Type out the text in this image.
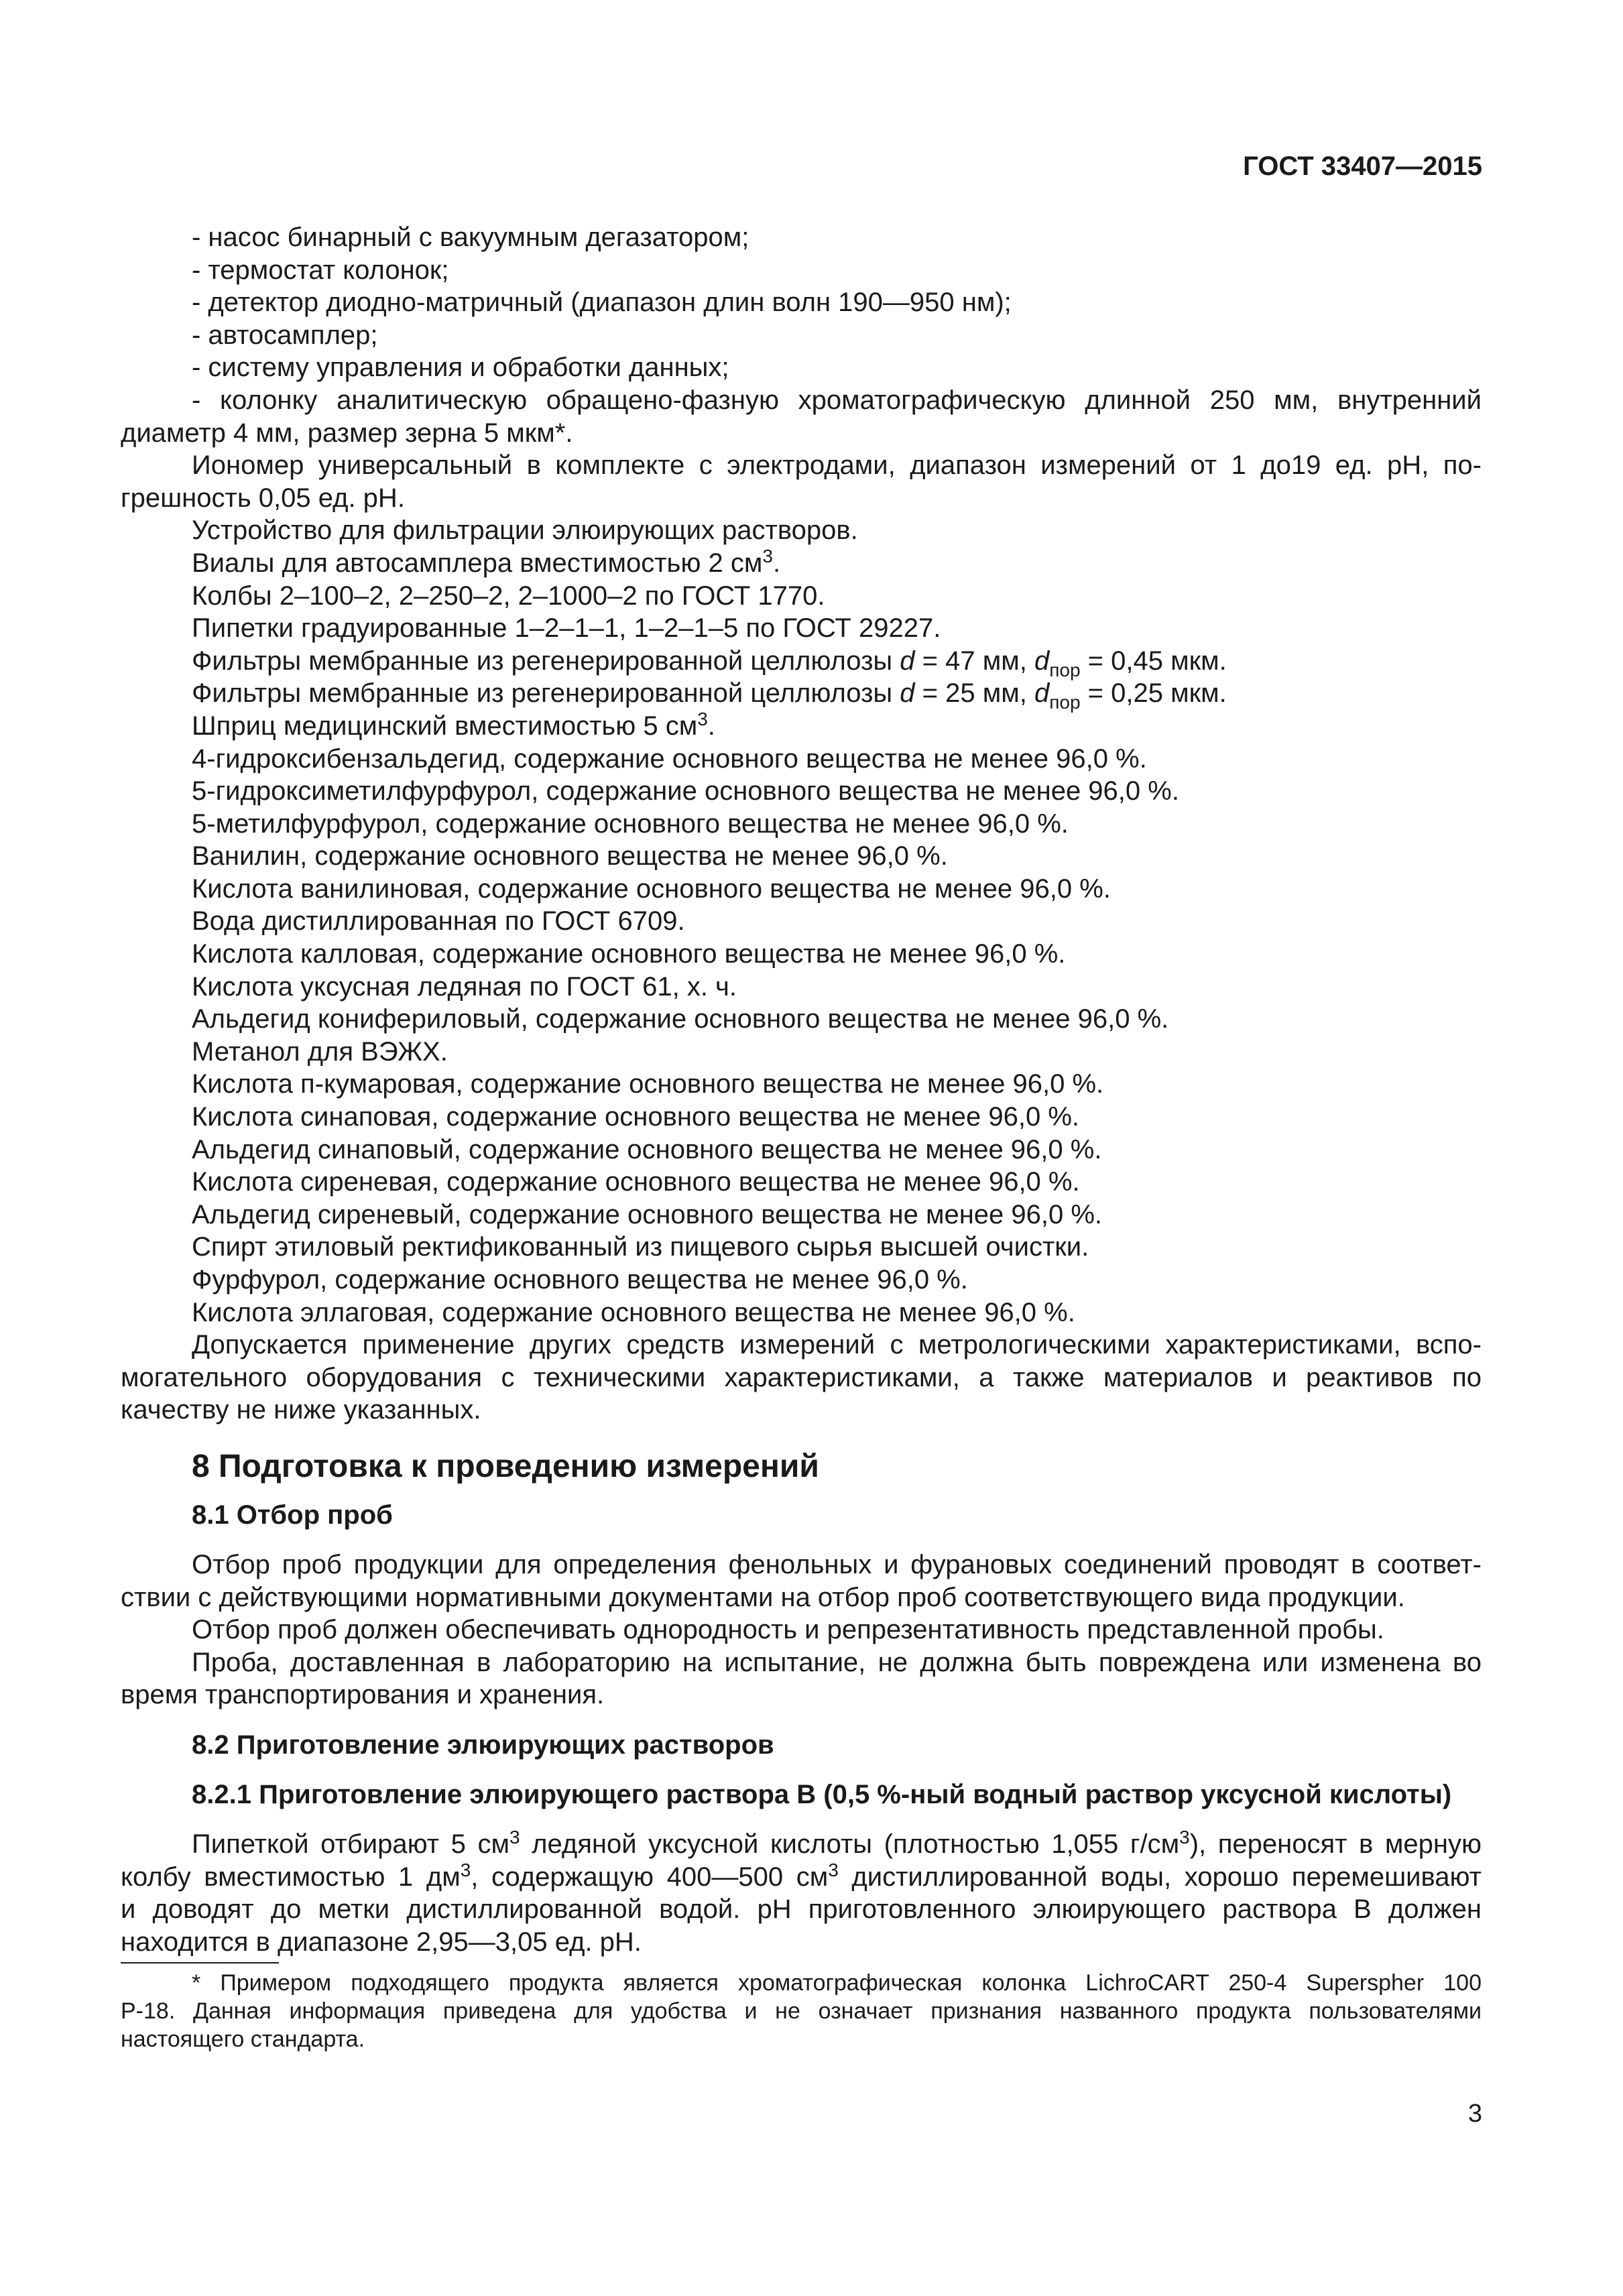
ГОСТ 33407—2015
- насос бинарный с вакуумным дегазатором;
- термостат колонок;
- детектор диодно-матричный (диапазон длин волн 190—950 нм);
- автосамплер;
- систему управления и обработки данных;
- колонку аналитическую обращено-фазную хроматографическую длинной 250 мм, внутренний
диаметр 4 мм, размер зерна 5 мкм*.
Иономер универсальный в комплекте с электродами, диапазон измерений от 1 до19 ед. pH, по-
грешность 0,05 ед. pH.
Устройство для фильтрации элюирующих растворов.
Виалы для автосамплера вместимостью 2 $см^3$.
Колбы 2–100–2, 2–250–2, 2–1000–2 по ГОСТ 1770.
Пипетки градуированные 1–2–1–1, 1–2–1–5 по ГОСТ 29227.
Фильтры мембранные из регенерированной целлюлозы d = 47 мм, $d_{пор} = 0,45$ мкм.
Фильтры мембранные из регенерированной целлюлозы d = 25 мм, $d_{пор} = 0,25$ мкм.
Шприц медицинский вместимостью 5 $см^3$.
4-гидроксибензальдегид, содержание основного вещества не менее 96,0 %.
5-гидроксиметилфурфурол, содержание основного вещества не менее 96,0 %.
5-метилфурфурол, содержание основного вещества не менее 96,0 %.
Ванилин, содержание основного вещества не менее 96,0 %.
Кислота ванилиновая, содержание основного вещества не менее 96,0 %.
Вода дистиллированная по ГОСТ 6709.
Кислота калловая, содержание основного вещества не менее 96,0 %.
Кислота уксусная ледяная по ГОСТ 61, х. ч.
Альдегид конифериловый, содержание основного вещества не менее 96,0 %.
Метанол для ВЭЖХ.
Кислота п-кумаровая, содержание основного вещества не менее 96,0 %.
Кислота синаповая, содержание основного вещества не менее 96,0 %.
Альдегид синаповый, содержание основного вещества не менее 96,0 %.
Кислота сиреневая, содержание основного вещества не менее 96,0 %.
Альдегид сиреневый, содержание основного вещества не менее 96,0 %.
Спирт этиловый ректификованный из пищевого сырья высшей очистки.
Фурфурол, содержание основного вещества не менее 96,0 %.
Кислота эллаговая, содержание основного вещества не менее 96,0 %.
Допускается применение других средств измерений с метрологическими характеристиками, вспо-
могательного оборудования с техническими характеристиками, а также материалов и реактивов по
качеству не ниже указанных.
8 Подготовка к проведению измерений
8.1 Отбор проб
Отбор проб продукции для определения фенольных и фурановых соединений проводят в соответ-
ствии с действующими нормативными документами на отбор проб соответствующего вида продукции.
Отбор проб должен обеспечивать однородность и репрезентативность представленной пробы.
Проба, доставленная в лабораторию на испытание, не должна быть повреждена или изменена во
время транспортирования и хранения.
8.2 Приготовление элюирующих растворов
8.2.1 Приготовление элюирующего раствора В (0,5 %-ный водный раствор уксусной кислоты)
Пипеткой отбирают 5 $см^3$ ледяной уксусной кислоты (плотностью 1,055 $г/см^3$), переносят в мерную
колбу вместимостью 1 $дм^3$, содержащую 400—500 $см^3$ дистиллированной воды, хорошо перемешивают
и доводят до метки дистиллированной водой. pH приготовленного элюирующего раствора В должен
находится в диапазоне 2,95—3,05 ед. pH.
* Примером подходящего продукта является хроматографическая колонка LichroCART 250-4 Superspher 100
P-18. Данная информация приведена для удобства и не означает признания названного продукта пользователями
настоящего стандарта.
3
